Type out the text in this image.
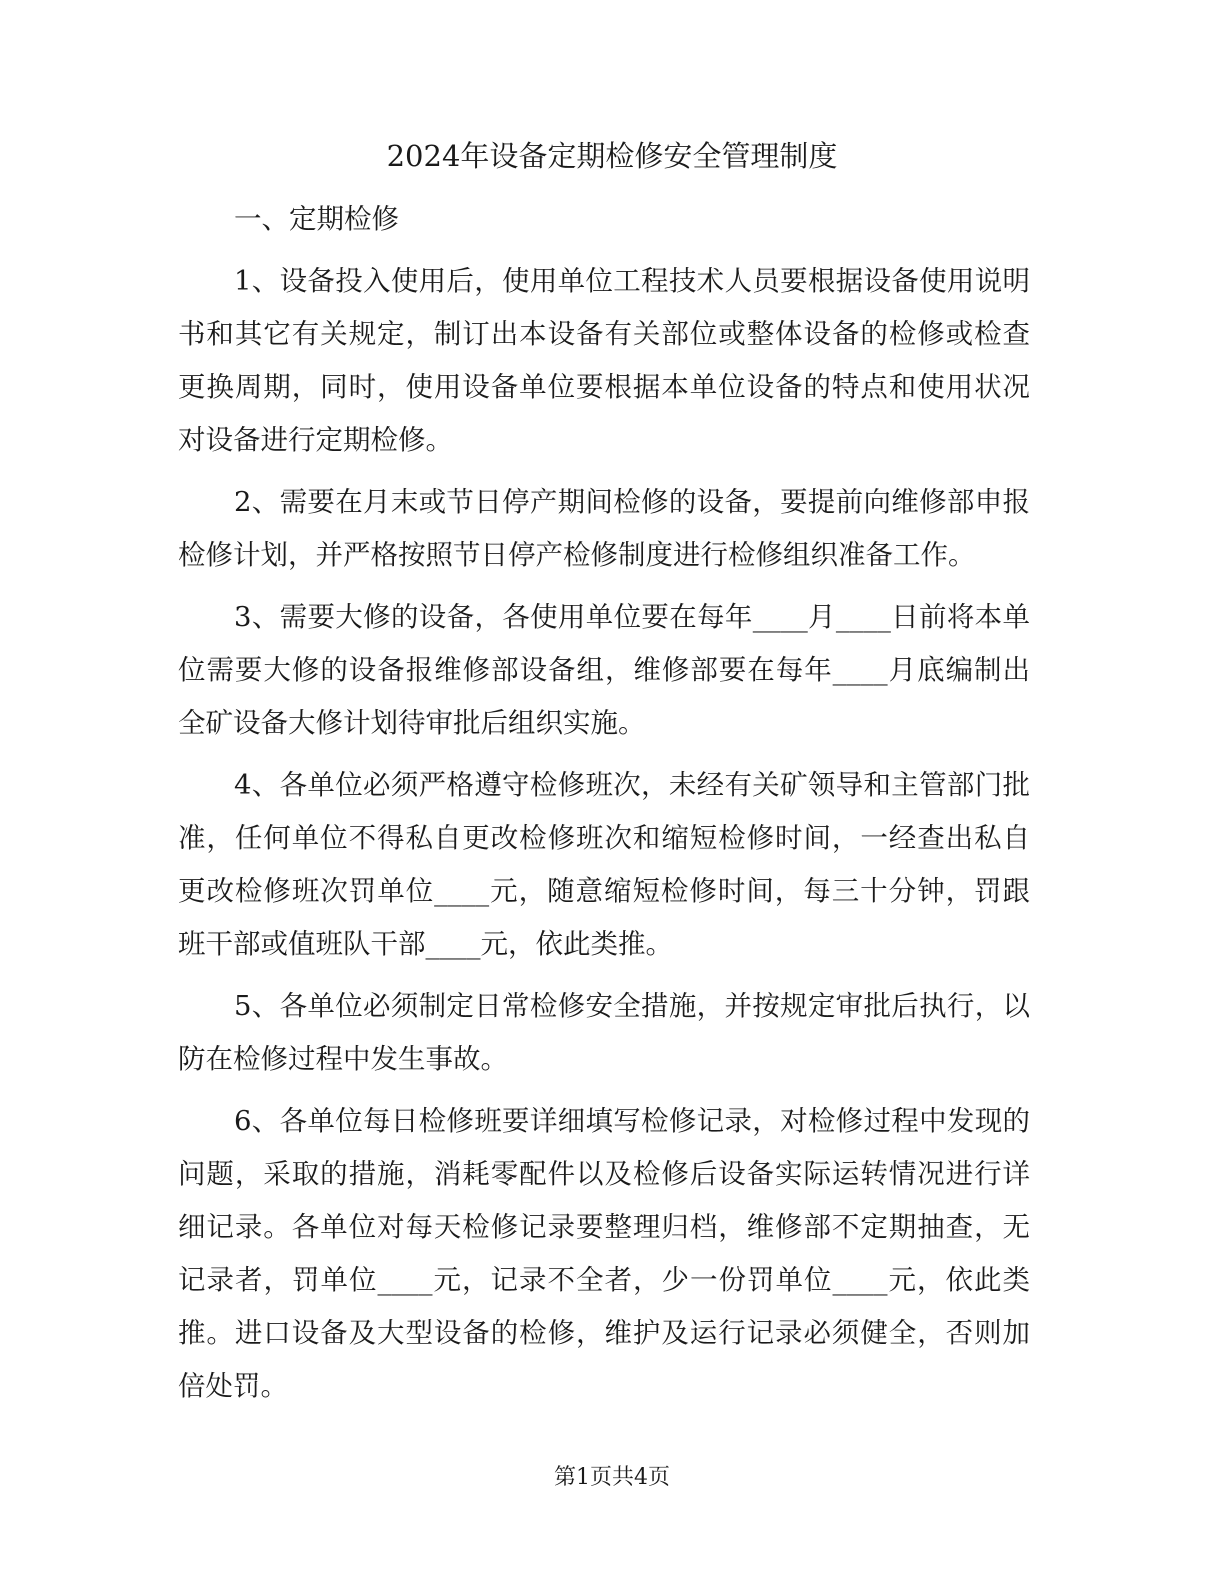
2024年设备定期检修安全管理制度

一、定期检修

1、设备投入使用后，使用单位工程技术人员要根据设备使用说明书和其它有关规定，制订出本设备有关部位或整体设备的检修或检查更换周期，同时，使用设备单位要根据本单位设备的特点和使用状况对设备进行定期检修。

2、需要在月末或节日停产期间检修的设备，要提前向维修部申报检修计划，并严格按照节日停产检修制度进行检修组织准备工作。

3、需要大修的设备，各使用单位要在每年____月____日前将本单位需要大修的设备报维修部设备组，维修部要在每年____月底编制出全矿设备大修计划待审批后组织实施。

4、各单位必须严格遵守检修班次，未经有关矿领导和主管部门批准，任何单位不得私自更改检修班次和缩短检修时间，一经查出私自更改检修班次罚单位____元，随意缩短检修时间，每三十分钟，罚跟班干部或值班队干部____元，依此类推。

5、各单位必须制定日常检修安全措施，并按规定审批后执行，以防在检修过程中发生事故。

6、各单位每日检修班要详细填写检修记录，对检修过程中发现的问题，采取的措施，消耗零配件以及检修后设备实际运转情况进行详细记录。各单位对每天检修记录要整理归档，维修部不定期抽查，无记录者，罚单位____元，记录不全者，少一份罚单位____元，依此类推。进口设备及大型设备的检修，维护及运行记录必须健全，否则加倍处罚。

第1页共4页
